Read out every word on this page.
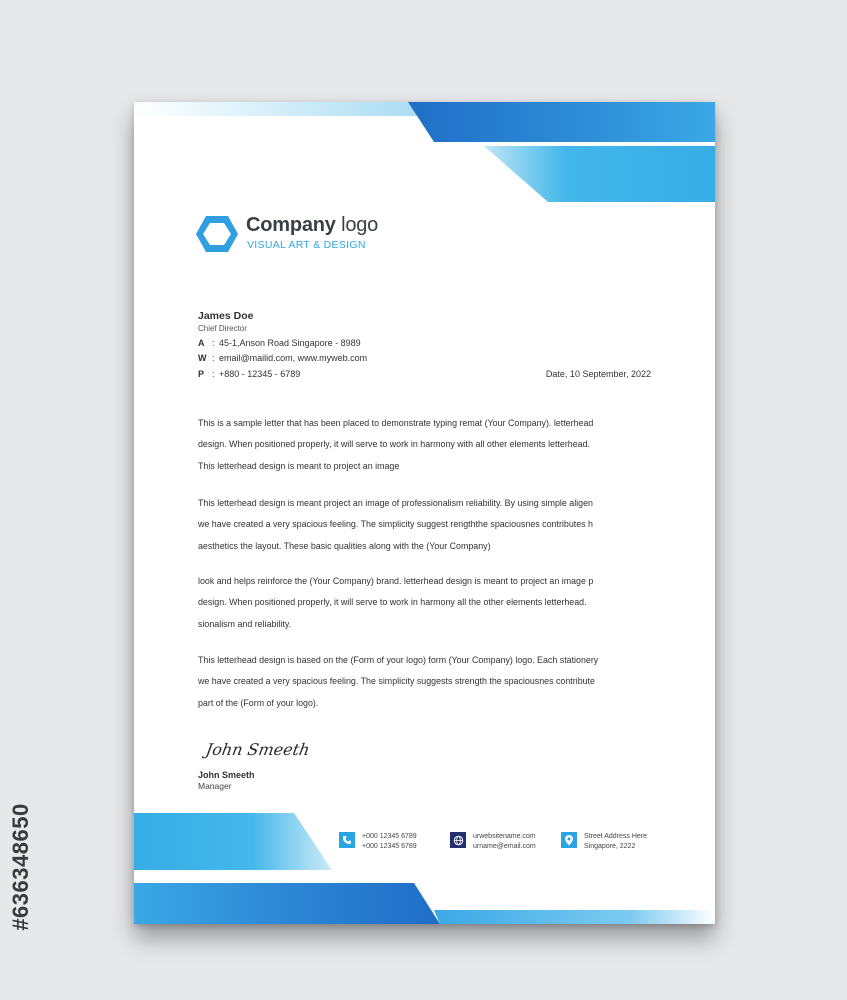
#636348650
Company logo
VISUAL ART & DESIGN
James Doe
Chief Director
A : 45-1,Anson Road Singapore - 8989
W : email@mailid.com, www.myweb.com
P : +880 - 12345 - 6789	Date, 10 September, 2022

This is a sample letter that has been placed to demonstrate typing remat (Your Company). letterhead

design. When positioned properly, it will serve to work in harmony with all other elements letterhead.

This letterhead design is meant to project an image

This letterhead design is meant project an image of professionalism reliability. By using simple aligen

we have created a very spacious feeling. The simplicity suggest rengththe spaciousnes contributes h

aesthetics the layout. These basic qualities along with the (Your Company)

look and helps reinforce the (Your Company) brand. letterhead design is meant to project an image p

design. When positioned properly, it will serve to work in harmony all the other elements letterhead.

sionalism and reliability.

This letterhead design is based on the (Form of your logo) form (Your Company) logo. Each stationery

we have created a very spacious feeling. The simplicity suggests strength the spaciousnes contribute

part of the (Form of your logo).

John Smeeth
John Smeeth
Manager
+000 12345 6789
+000 12345 6789
urwebsitename.com
urname@email.com
Street Address Here
Singapore, 2222
